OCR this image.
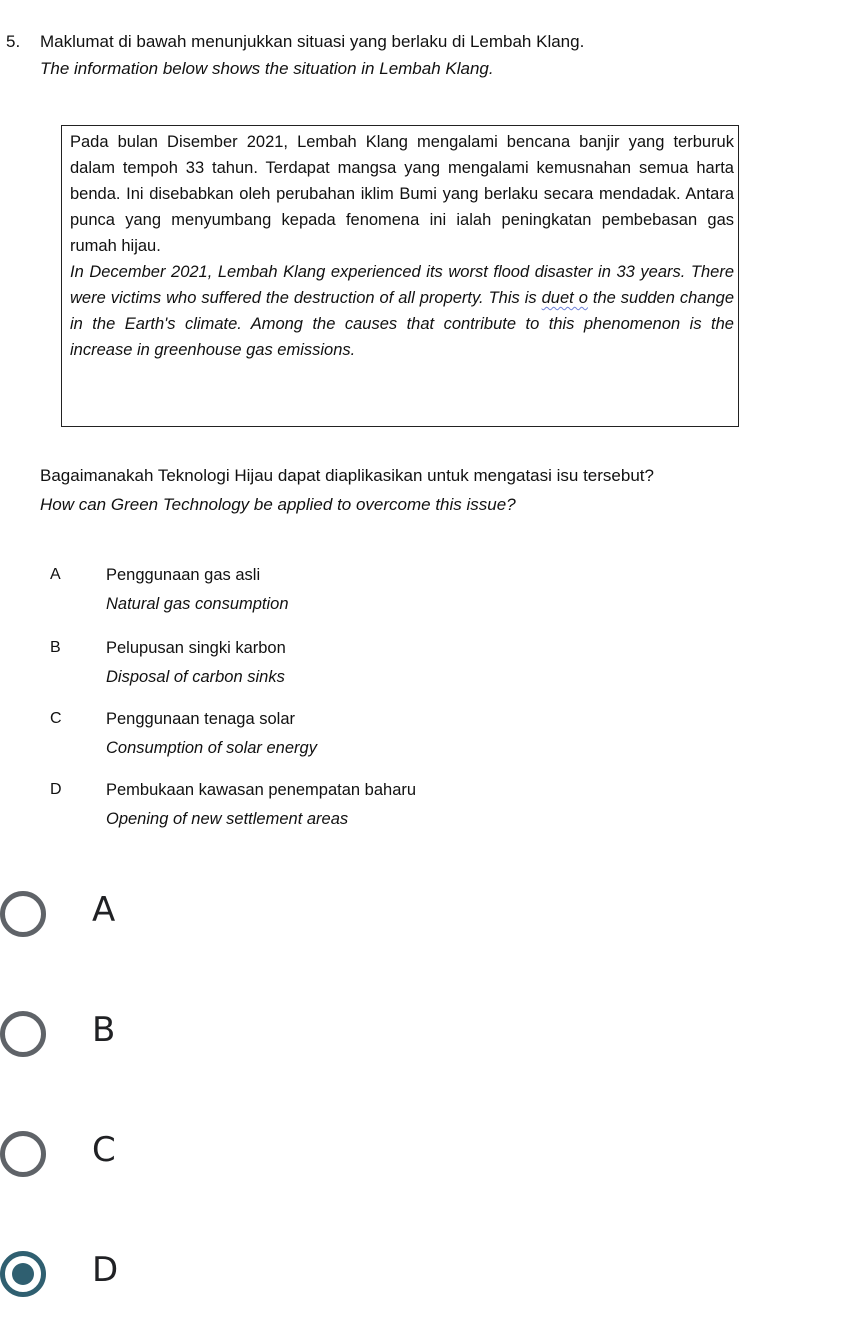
5. Maklumat di bawah menunjukkan situasi yang berlaku di Lembah Klang.
The information below shows the situation in Lembah Klang.

Pada bulan Disember 2021, Lembah Klang mengalami bencana banjir yang terburuk dalam tempoh 33 tahun. Terdapat mangsa yang mengalami kemusnahan semua harta benda. Ini disebabkan oleh perubahan iklim Bumi yang berlaku secara mendadak. Antara punca yang menyumbang kepada fenomena ini ialah peningkatan pembebasan gas rumah hijau.

In December 2021, Lembah Klang experienced its worst flood disaster in 33 years. There were victims who suffered the destruction of all property. This is duet o the sudden change in the Earth's climate. Among the causes that contribute to this phenomenon is the increase in greenhouse gas emissions.

Bagaimanakah Teknologi Hijau dapat diaplikasikan untuk mengatasi isu tersebut?
How can Green Technology be applied to overcome this issue?
A	Penggunaan gas asli
Natural gas consumption
B	Pelupusan singki karbon
Disposal of carbon sinks
C	Penggunaan tenaga solar
Consumption of solar energy
D	Pembukaan kawasan penempatan baharu
Opening of new settlement areas
A
B
C
D
